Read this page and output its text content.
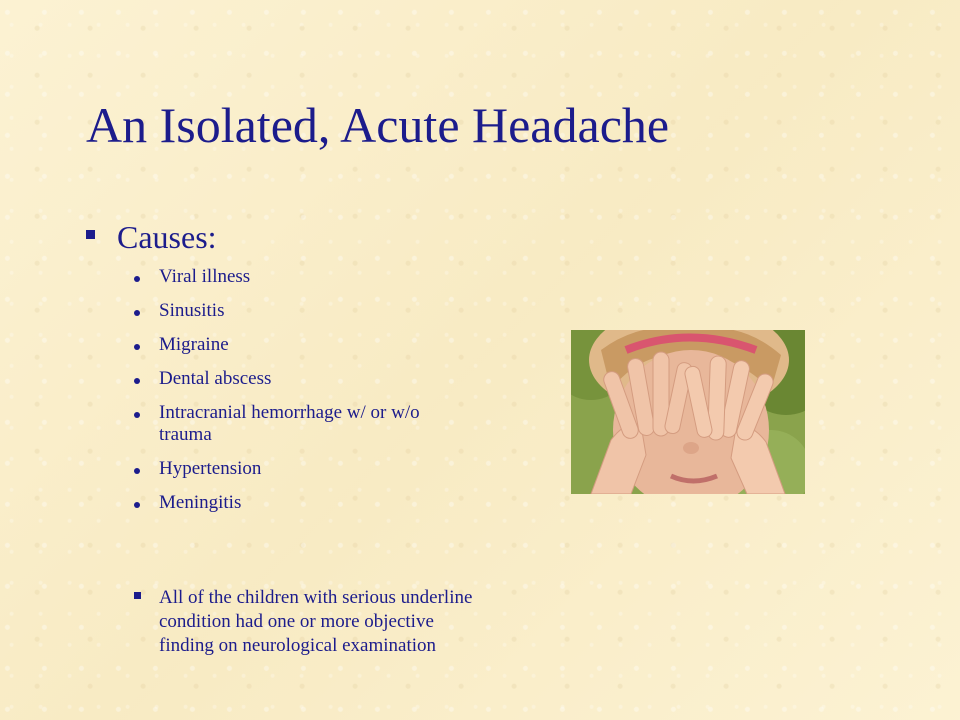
An Isolated, Acute Headache
Causes:
Viral illness
Sinusitis
Migraine
Dental abscess
Intracranial hemorrhage w/ or w/o trauma
Hypertension
Meningitis
All of the children with serious underline condition had one or more objective finding on neurological examination
